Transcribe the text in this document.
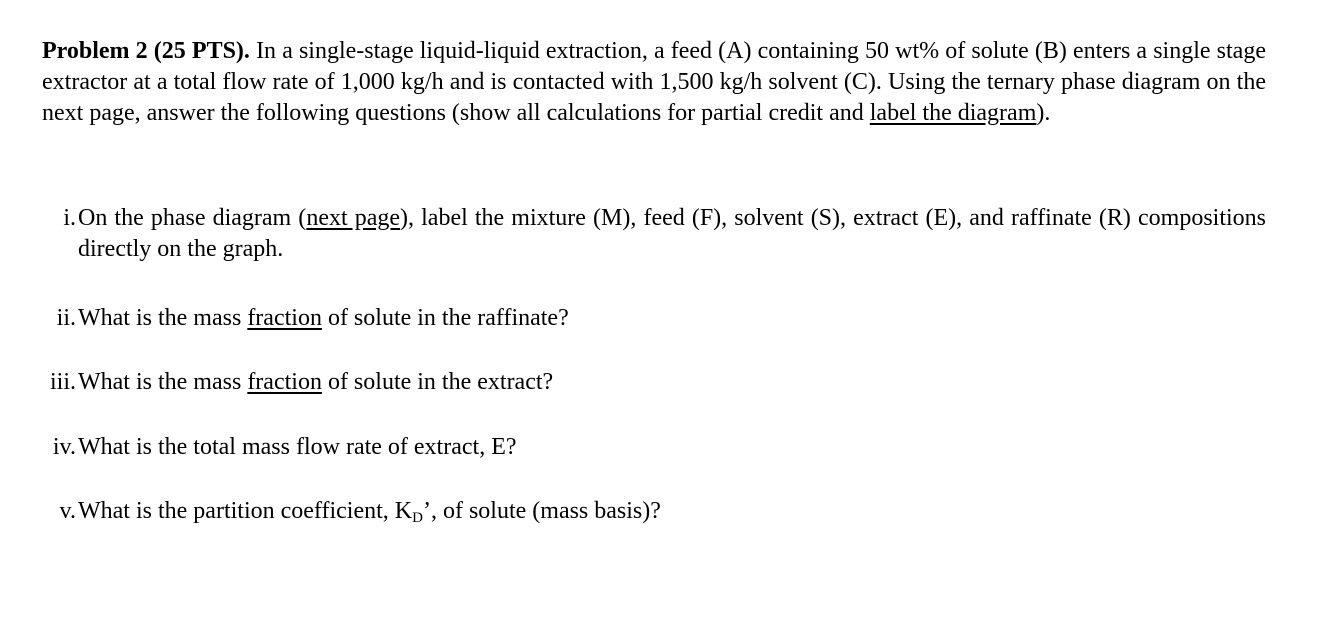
Problem 2 (25 PTS). In a single-stage liquid-liquid extraction, a feed (A) containing 50 wt% of solute (B) enters a single stage extractor at a total flow rate of 1,000 kg/h and is contacted with 1,500 kg/h solvent (C). Using the ternary phase diagram on the next page, answer the following questions (show all calculations for partial credit and label the diagram).

i. On the phase diagram (next page), label the mixture (M), feed (F), solvent (S), extract (E), and raffinate (R) compositions directly on the graph.
ii. What is the mass fraction of solute in the raffinate?
iii. What is the mass fraction of solute in the extract?
iv. What is the total mass flow rate of extract, E?
v. What is the partition coefficient, $K_D$’, of solute (mass basis)?
